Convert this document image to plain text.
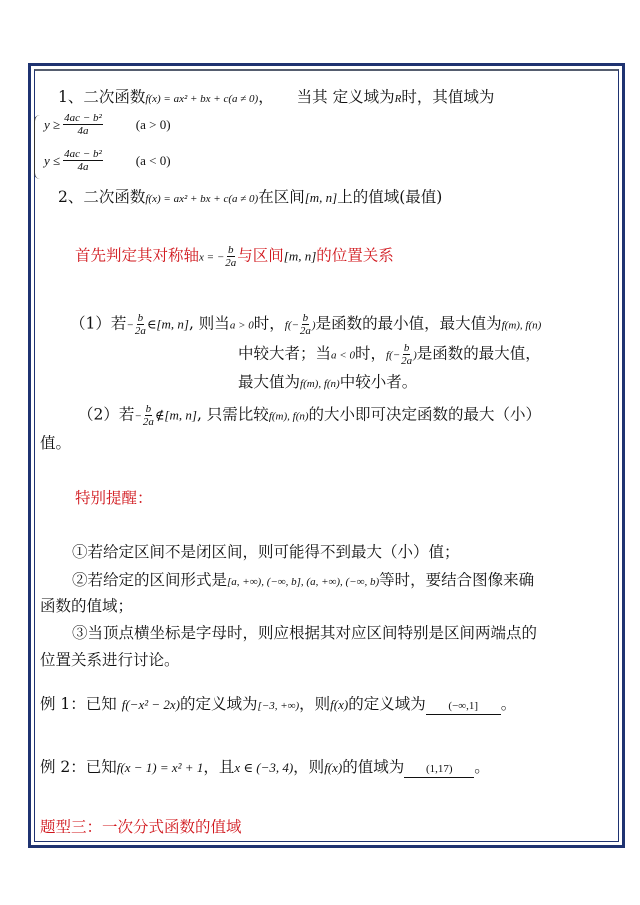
1、二次函数f(x) = ax² + bx + c(a ≠ 0)， 当其 定义域为R时，其值域为
$y \ge \frac{\text{4ac − b²}}{4a}$	(a > 0)
$y \le \frac{\text{4ac − b²}}{4a}$	(a < 0)
2、二次函数f(x) = ax² + bx + c(a ≠ 0)在区间[m, n]上的值域(最值)
首先判定其对称轴x = − $\frac{b}{2a}$ 与区间[m, n]的位置关系
（1）若− $\frac{b}{2a}$ ∈[m, n], 则当a > 0时，$f(- \frac{b}{2a}$ )是函数的最小值，最大值为f(m), f(n)
中较大者；当a < 0时，$f(- \frac{b}{2a}$ )是函数的最大值，
最大值为f(m), f(n)中较小者。
（2）若− $\frac{b}{2a}$ ∉[m, n], 只需比较f(m), f(n)的大小即可决定函数的最大（小）
值。
特别提醒：
①若给定区间不是闭区间，则可能得不到最大（小）值；
②若给定的区间形式是[a, +∞), (−∞, b], (a, +∞), (−∞, b)等时，要结合图像来确
函数的值域；
③当顶点横坐标是字母时，则应根据其对应区间特别是区间两端点的
位置关系进行讨论。
例 1：已知 f(−x² − 2x)的定义域为[−3, +∞)，则f(x)的定义域为 (−∞,1] 。
例 2：已知f(x − 1) = x² + 1，且x ∈ (−3, 4)，则f(x)的值域为 (1,17) 。
题型三：一次分式函数的值域
